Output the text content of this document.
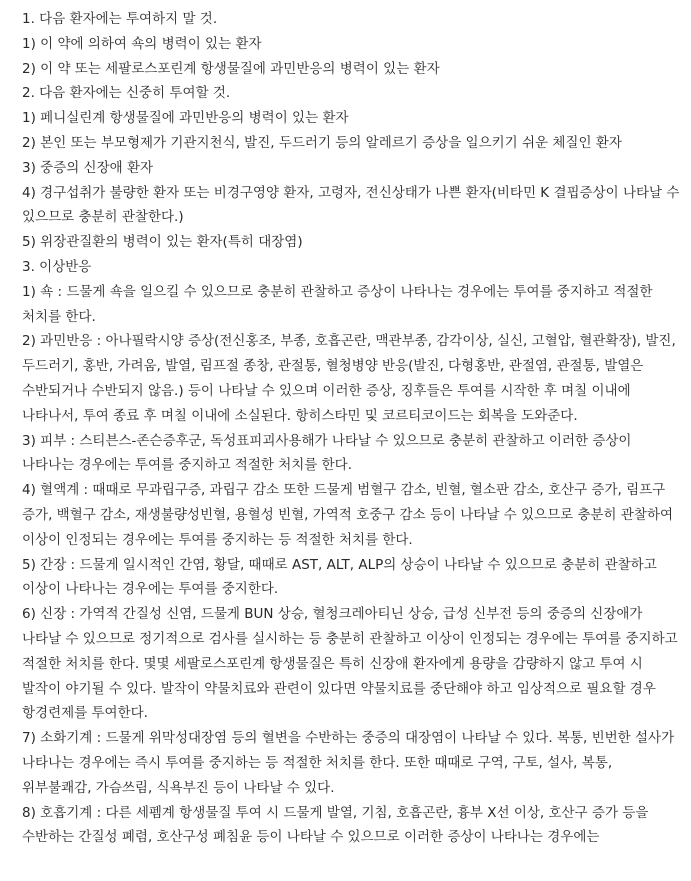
1. 다음 환자에는 투여하지 말 것.

1) 이 약에 의하여 쇽의 병력이 있는 환자

2) 이 약 또는 세팔로스포린계 항생물질에 과민반응의 병력이 있는 환자

2. 다음 환자에는 신중히 투여할 것.

1) 페니실린계 항생물질에 과민반응의 병력이 있는 환자

2) 본인 또는 부모형제가 기관지천식, 발진, 두드러기 등의 알레르기 증상을 일으키기 쉬운 체질인 환자

3) 중증의 신장애 환자

4) 경구섭취가 불량한 환자 또는 비경구영양 환자, 고령자, 전신상태가 나쁜 환자(비타민 K 결핍증상이 나타날 수 있으므로 충분히 관찰한다.)

5) 위장관질환의 병력이 있는 환자(특히 대장염)

3. 이상반응

1) 쇽 : 드물게 쇽을 일으킬 수 있으므로 충분히 관찰하고 증상이 나타나는 경우에는 투여를 중지하고 적절한 처치를 한다.

2) 과민반응 : 아나필락시양 증상(전신홍조, 부종, 호흡곤란, 맥관부종, 감각이상, 실신, 고혈압, 혈관확장), 발진, 두드러기, 홍반, 가려움, 발열, 림프절 종창, 관절통, 혈청병양 반응(발진, 다형홍반, 관절염, 관절통, 발열은 수반되거나 수반되지 않음.) 등이 나타날 수 있으며 이러한 증상, 징후들은 투여를 시작한 후 며칠 이내에 나타나서, 투여 종료 후 며칠 이내에 소실된다. 항히스타민 및 코르티코이드는 회복을 도와준다.

3) 피부 : 스티븐스-존슨증후군, 독성표피괴사용해가 나타날 수 있으므로 충분히 관찰하고 이러한 증상이 나타나는 경우에는 투여를 중지하고 적절한 처치를 한다.

4) 혈액계 : 때때로 무과립구증, 과립구 감소 또한 드물게 범혈구 감소, 빈혈, 혈소판 감소, 호산구 증가, 림프구 증가, 백혈구 감소, 재생불량성빈혈, 용혈성 빈혈, 가역적 호중구 감소 등이 나타날 수 있으므로 충분히 관찰하여 이상이 인정되는 경우에는 투여를 중지하는 등 적절한 처치를 한다.

5) 간장 : 드물게 일시적인 간염, 황달, 때때로 AST, ALT, ALP의 상승이 나타날 수 있으므로 충분히 관찰하고 이상이 나타나는 경우에는 투여를 중지한다.

6) 신장 : 가역적 간질성 신염, 드물게 BUN 상승, 혈청크레아티닌 상승, 급성 신부전 등의 중증의 신장애가 나타날 수 있으므로 정기적으로 검사를 실시하는 등 충분히 관찰하고 이상이 인정되는 경우에는 투여를 중지하고 적절한 처치를 한다. 몇몇 세팔로스포린계 항생물질은 특히 신장애 환자에게 용량을 감량하지 않고 투여 시 발작이 야기될 수 있다. 발작이 약물치료와 관련이 있다면 약물치료를 중단해야 하고 임상적으로 필요할 경우 항경련제를 투여한다.

7) 소화기계 : 드물게 위막성대장염 등의 혈변을 수반하는 중증의 대장염이 나타날 수 있다. 복통, 빈번한 설사가 나타나는 경우에는 즉시 투여를 중지하는 등 적절한 처치를 한다. 또한 때때로 구역, 구토, 설사, 복통, 위부불쾌감, 가슴쓰림, 식욕부진 등이 나타날 수 있다.

8) 호흡기계 : 다른 세펨계 항생물질 투여 시 드물게 발열, 기침, 호흡곤란, 흉부 X선 이상, 호산구 증가 등을 수반하는 간질성 폐렴, 호산구성 폐침윤 등이 나타날 수 있으므로 이러한 증상이 나타나는 경우에는
